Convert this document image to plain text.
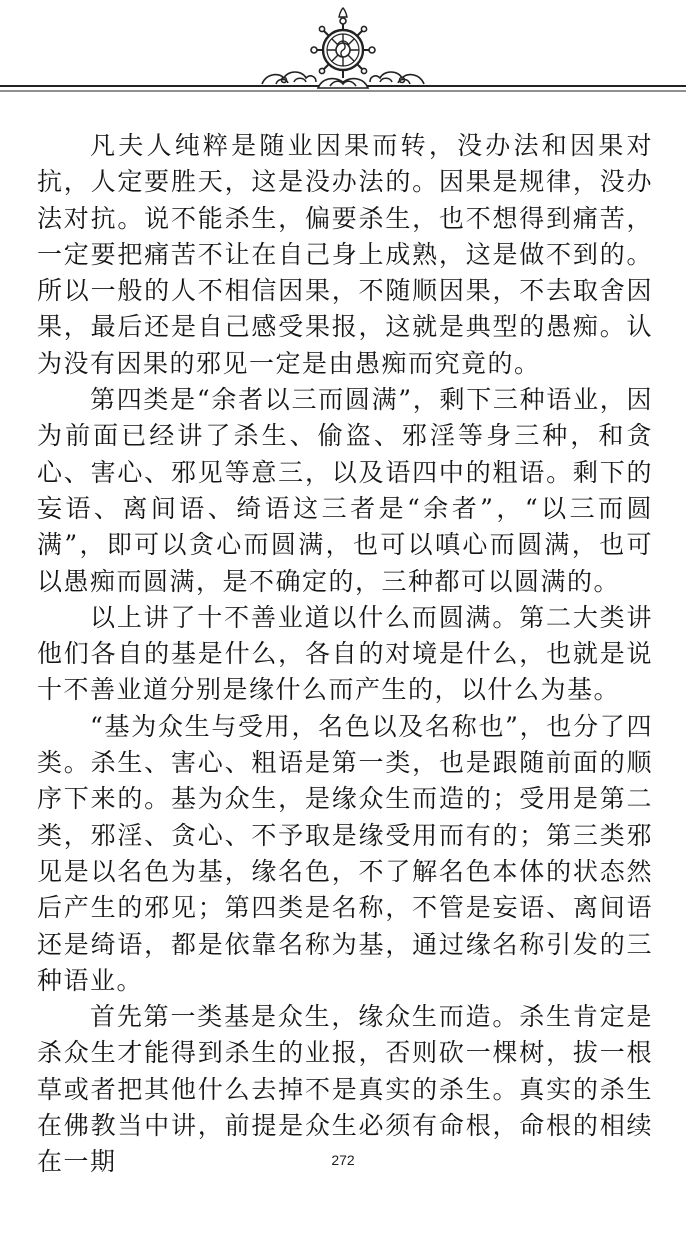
凡夫人纯粹是随业因果而转，没办法和因果对抗，人定要胜天，这是没办法的。因果是规律，没办法对抗。说不能杀生，偏要杀生，也不想得到痛苦，一定要把痛苦不让在自己身上成熟，这是做不到的。所以一般的人不相信因果，不随顺因果，不去取舍因果，最后还是自己感受果报，这就是典型的愚痴。认为没有因果的邪见一定是由愚痴而究竟的。

第四类是“余者以三而圆满”，剩下三种语业，因为前面已经讲了杀生、偷盗、邪淫等身三种，和贪心、害心、邪见等意三，以及语四中的粗语。剩下的妄语、离间语、绮语这三者是“余者”，“以三而圆满”，即可以贪心而圆满，也可以嗔心而圆满，也可以愚痴而圆满，是不确定的，三种都可以圆满的。

以上讲了十不善业道以什么而圆满。第二大类讲他们各自的基是什么，各自的对境是什么，也就是说十不善业道分别是缘什么而产生的，以什么为基。

“基为众生与受用，名色以及名称也”，也分了四类。杀生、害心、粗语是第一类，也是跟随前面的顺序下来的。基为众生，是缘众生而造的；受用是第二类，邪淫、贪心、不予取是缘受用而有的；第三类邪见是以名色为基，缘名色，不了解名色本体的状态然后产生的邪见；第四类是名称，不管是妄语、离间语还是绮语，都是依靠名称为基，通过缘名称引发的三种语业。

首先第一类基是众生，缘众生而造。杀生肯定是杀众生才能得到杀生的业报，否则砍一棵树，拔一根草或者把其他什么去掉不是真实的杀生。真实的杀生在佛教当中讲，前提是众生必须有命根，命根的相续在一期	272
